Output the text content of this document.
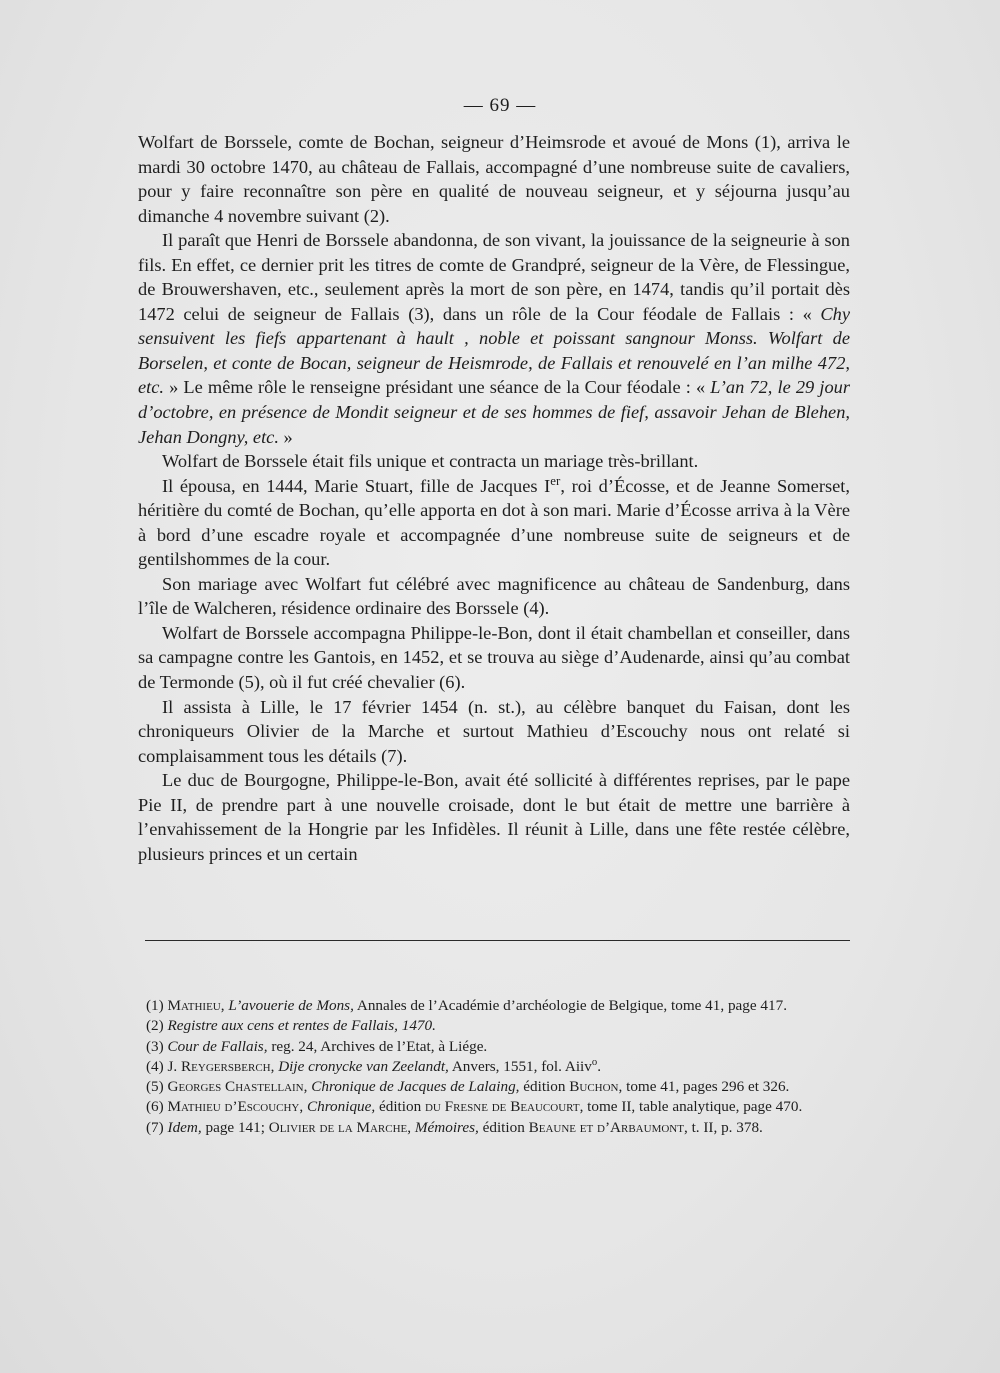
— 69 —

Wolfart de Borssele, comte de Bochan, seigneur d’Heimsrode et avoué de Mons (1), arriva le mardi 30 octobre 1470, au château de Fallais, accompagné d’une nombreuse suite de cavaliers, pour y faire reconnaître son père en qualité de nouveau seigneur, et y séjourna jusqu’au dimanche 4 novembre suivant (2).

Il paraît que Henri de Borssele abandonna, de son vivant, la jouissance de la seigneurie à son fils. En effet, ce dernier prit les titres de comte de Grandpré, seigneur de la Vère, de Flessingue, de Brouwershaven, etc., seulement après la mort de son père, en 1474, tandis qu’il portait dès 1472 celui de seigneur de Fallais (3), dans un rôle de la Cour féodale de Fallais : « Chy sensuivent les fiefs appartenant à hault , noble et poissant sangnour Monss. Wolfart de Borselen, et conte de Bocan, seigneur de Heismrode, de Fallais et renouvelé en l’an milhe 472, etc. » Le même rôle le renseigne présidant une séance de la Cour féodale : « L’an 72, le 29 jour d’octobre, en présence de Mondit seigneur et de ses hommes de fief, assavoir Jehan de Blehen, Jehan Dongny, etc. »

Wolfart de Borssele était fils unique et contracta un mariage très-brillant.

Il épousa, en 1444, Marie Stuart, fille de Jacques Ier, roi d’Écosse, et de Jeanne Somerset, héritière du comté de Bochan, qu’elle apporta en dot à son mari. Marie d’Écosse arriva à la Vère à bord d’une escadre royale et accompagnée d’une nombreuse suite de seigneurs et de gentilshommes de la cour.

Son mariage avec Wolfart fut célébré avec magnificence au château de Sandenburg, dans l’île de Walcheren, résidence ordinaire des Borssele (4).

Wolfart de Borssele accompagna Philippe-le-Bon, dont il était chambellan et conseiller, dans sa campagne contre les Gantois, en 1452, et se trouva au siège d’Audenarde, ainsi qu’au combat de Termonde (5), où il fut créé chevalier (6).

Il assista à Lille, le 17 février 1454 (n. st.), au célèbre banquet du Faisan, dont les chroniqueurs Olivier de la Marche et surtout Mathieu d’Escouchy nous ont relaté si complaisamment tous les détails (7).

Le duc de Bourgogne, Philippe-le-Bon, avait été sollicité à différentes reprises, par le pape Pie II, de prendre part à une nouvelle croisade, dont le but était de mettre une barrière à l’envahissement de la Hongrie par les Infidèles. Il réunit à Lille, dans une fête restée célèbre, plusieurs princes et un certain

(1) Mathieu, L’avouerie de Mons, Annales de l’Académie d’archéologie de Belgique, tome 41, page 417.

(2) Registre aux cens et rentes de Fallais, 1470.

(3) Cour de Fallais, reg. 24, Archives de l’Etat, à Liége.

(4) J. Reygersberch, Dije cronycke van Zeelandt, Anvers, 1551, fol. Aiiv$^o$.

(5) Georges Chastellain, Chronique de Jacques de Lalaing, édition Buchon, tome 41, pages 296 et 326.

(6) Mathieu d’Escouchy, Chronique, édition du Fresne de Beaucourt, tome II, table analytique, page 470.

(7) Idem, page 141; Olivier de la Marche, Mémoires, édition Beaune et d’Arbaumont, t. II, p. 378.
